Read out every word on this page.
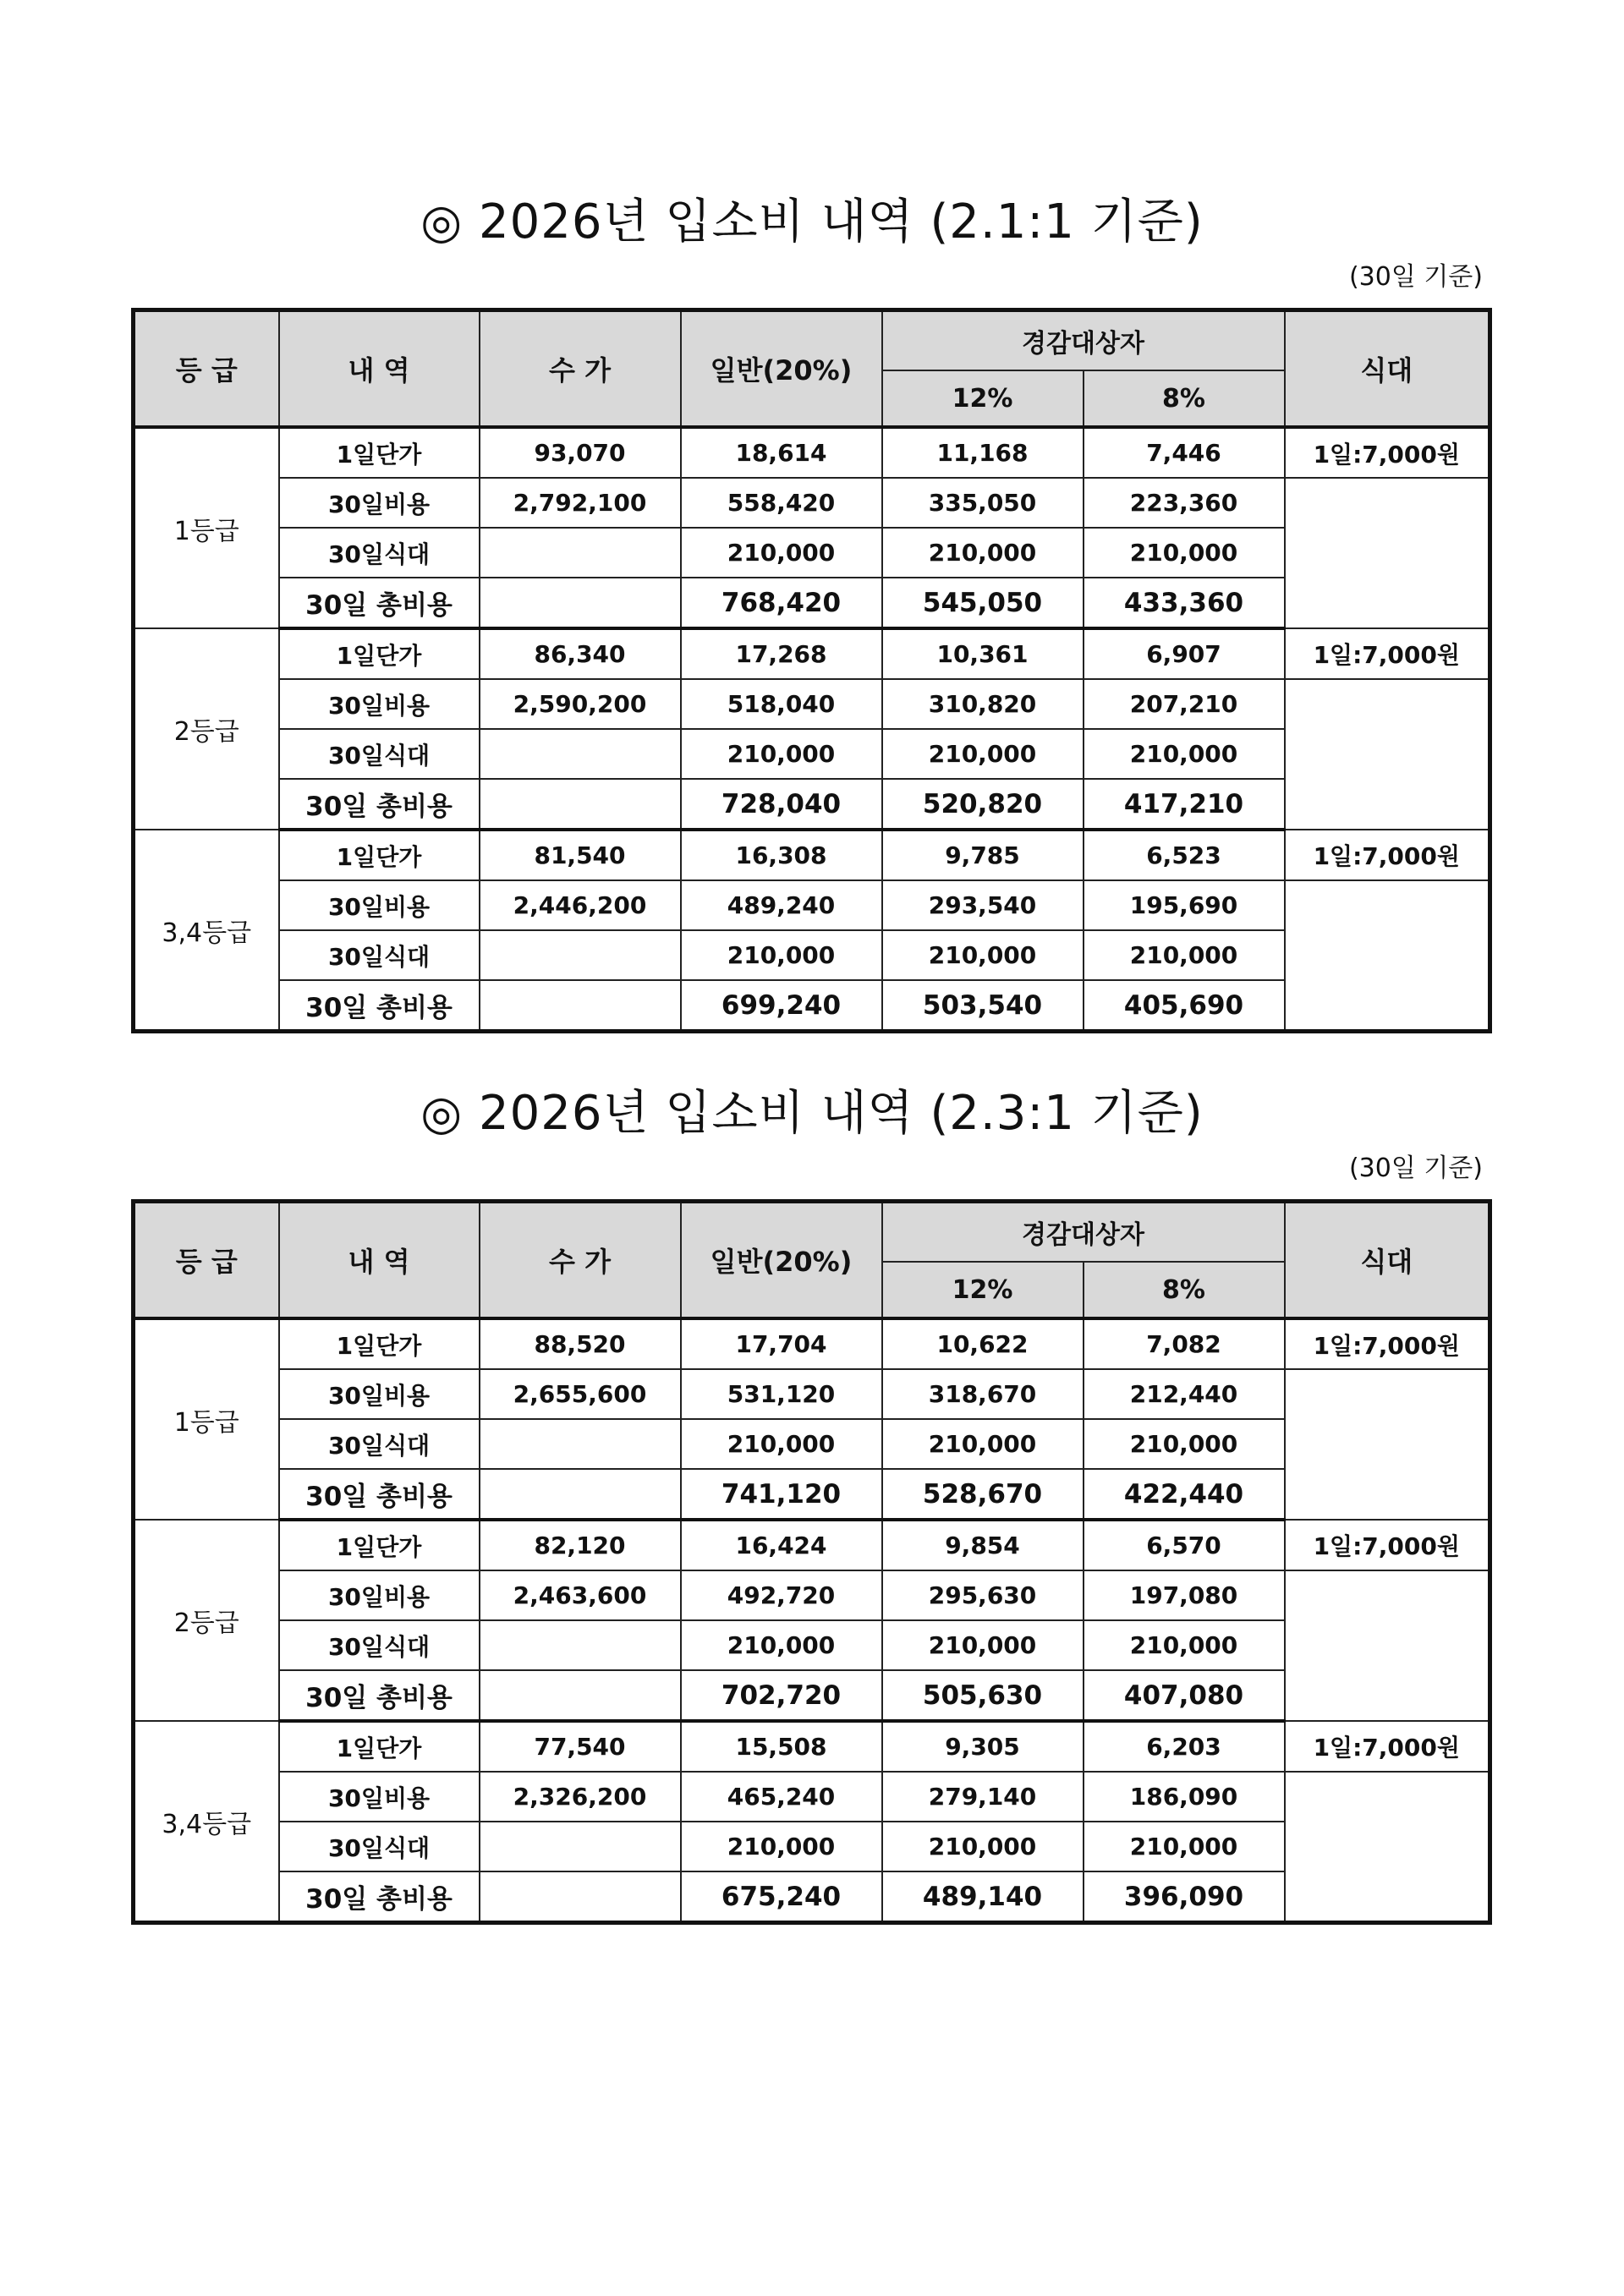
◎ 2026년 입소비 내역 (2.1:1 기준)
(30일 기준)
등 급	내 역	수 가	일반(20%)	경감대상자		식대
				12%	8%	
1등급	1일단가	93,070	18,614	11,168	7,446	1일:7,000원
	30일비용	2,792,100	558,420	335,050	223,360	
	30일식대		210,000	210,000	210,000	
	30일 총비용		768,420	545,050	433,360	
2등급	1일단가	86,340	17,268	10,361	6,907	1일:7,000원
	30일비용	2,590,200	518,040	310,820	207,210	
	30일식대		210,000	210,000	210,000	
	30일 총비용		728,040	520,820	417,210	
3,4등급	1일단가	81,540	16,308	9,785	6,523	1일:7,000원
	30일비용	2,446,200	489,240	293,540	195,690	
	30일식대		210,000	210,000	210,000	
	30일 총비용		699,240	503,540	405,690	
◎ 2026년 입소비 내역 (2.3:1 기준)
(30일 기준)
등 급	내 역	수 가	일반(20%)	경감대상자		식대
				12%	8%	
1등급	1일단가	88,520	17,704	10,622	7,082	1일:7,000원
	30일비용	2,655,600	531,120	318,670	212,440	
	30일식대		210,000	210,000	210,000	
	30일 총비용		741,120	528,670	422,440	
2등급	1일단가	82,120	16,424	9,854	6,570	1일:7,000원
	30일비용	2,463,600	492,720	295,630	197,080	
	30일식대		210,000	210,000	210,000	
	30일 총비용		702,720	505,630	407,080	
3,4등급	1일단가	77,540	15,508	9,305	6,203	1일:7,000원
	30일비용	2,326,200	465,240	279,140	186,090	
	30일식대		210,000	210,000	210,000	
	30일 총비용		675,240	489,140	396,090	
